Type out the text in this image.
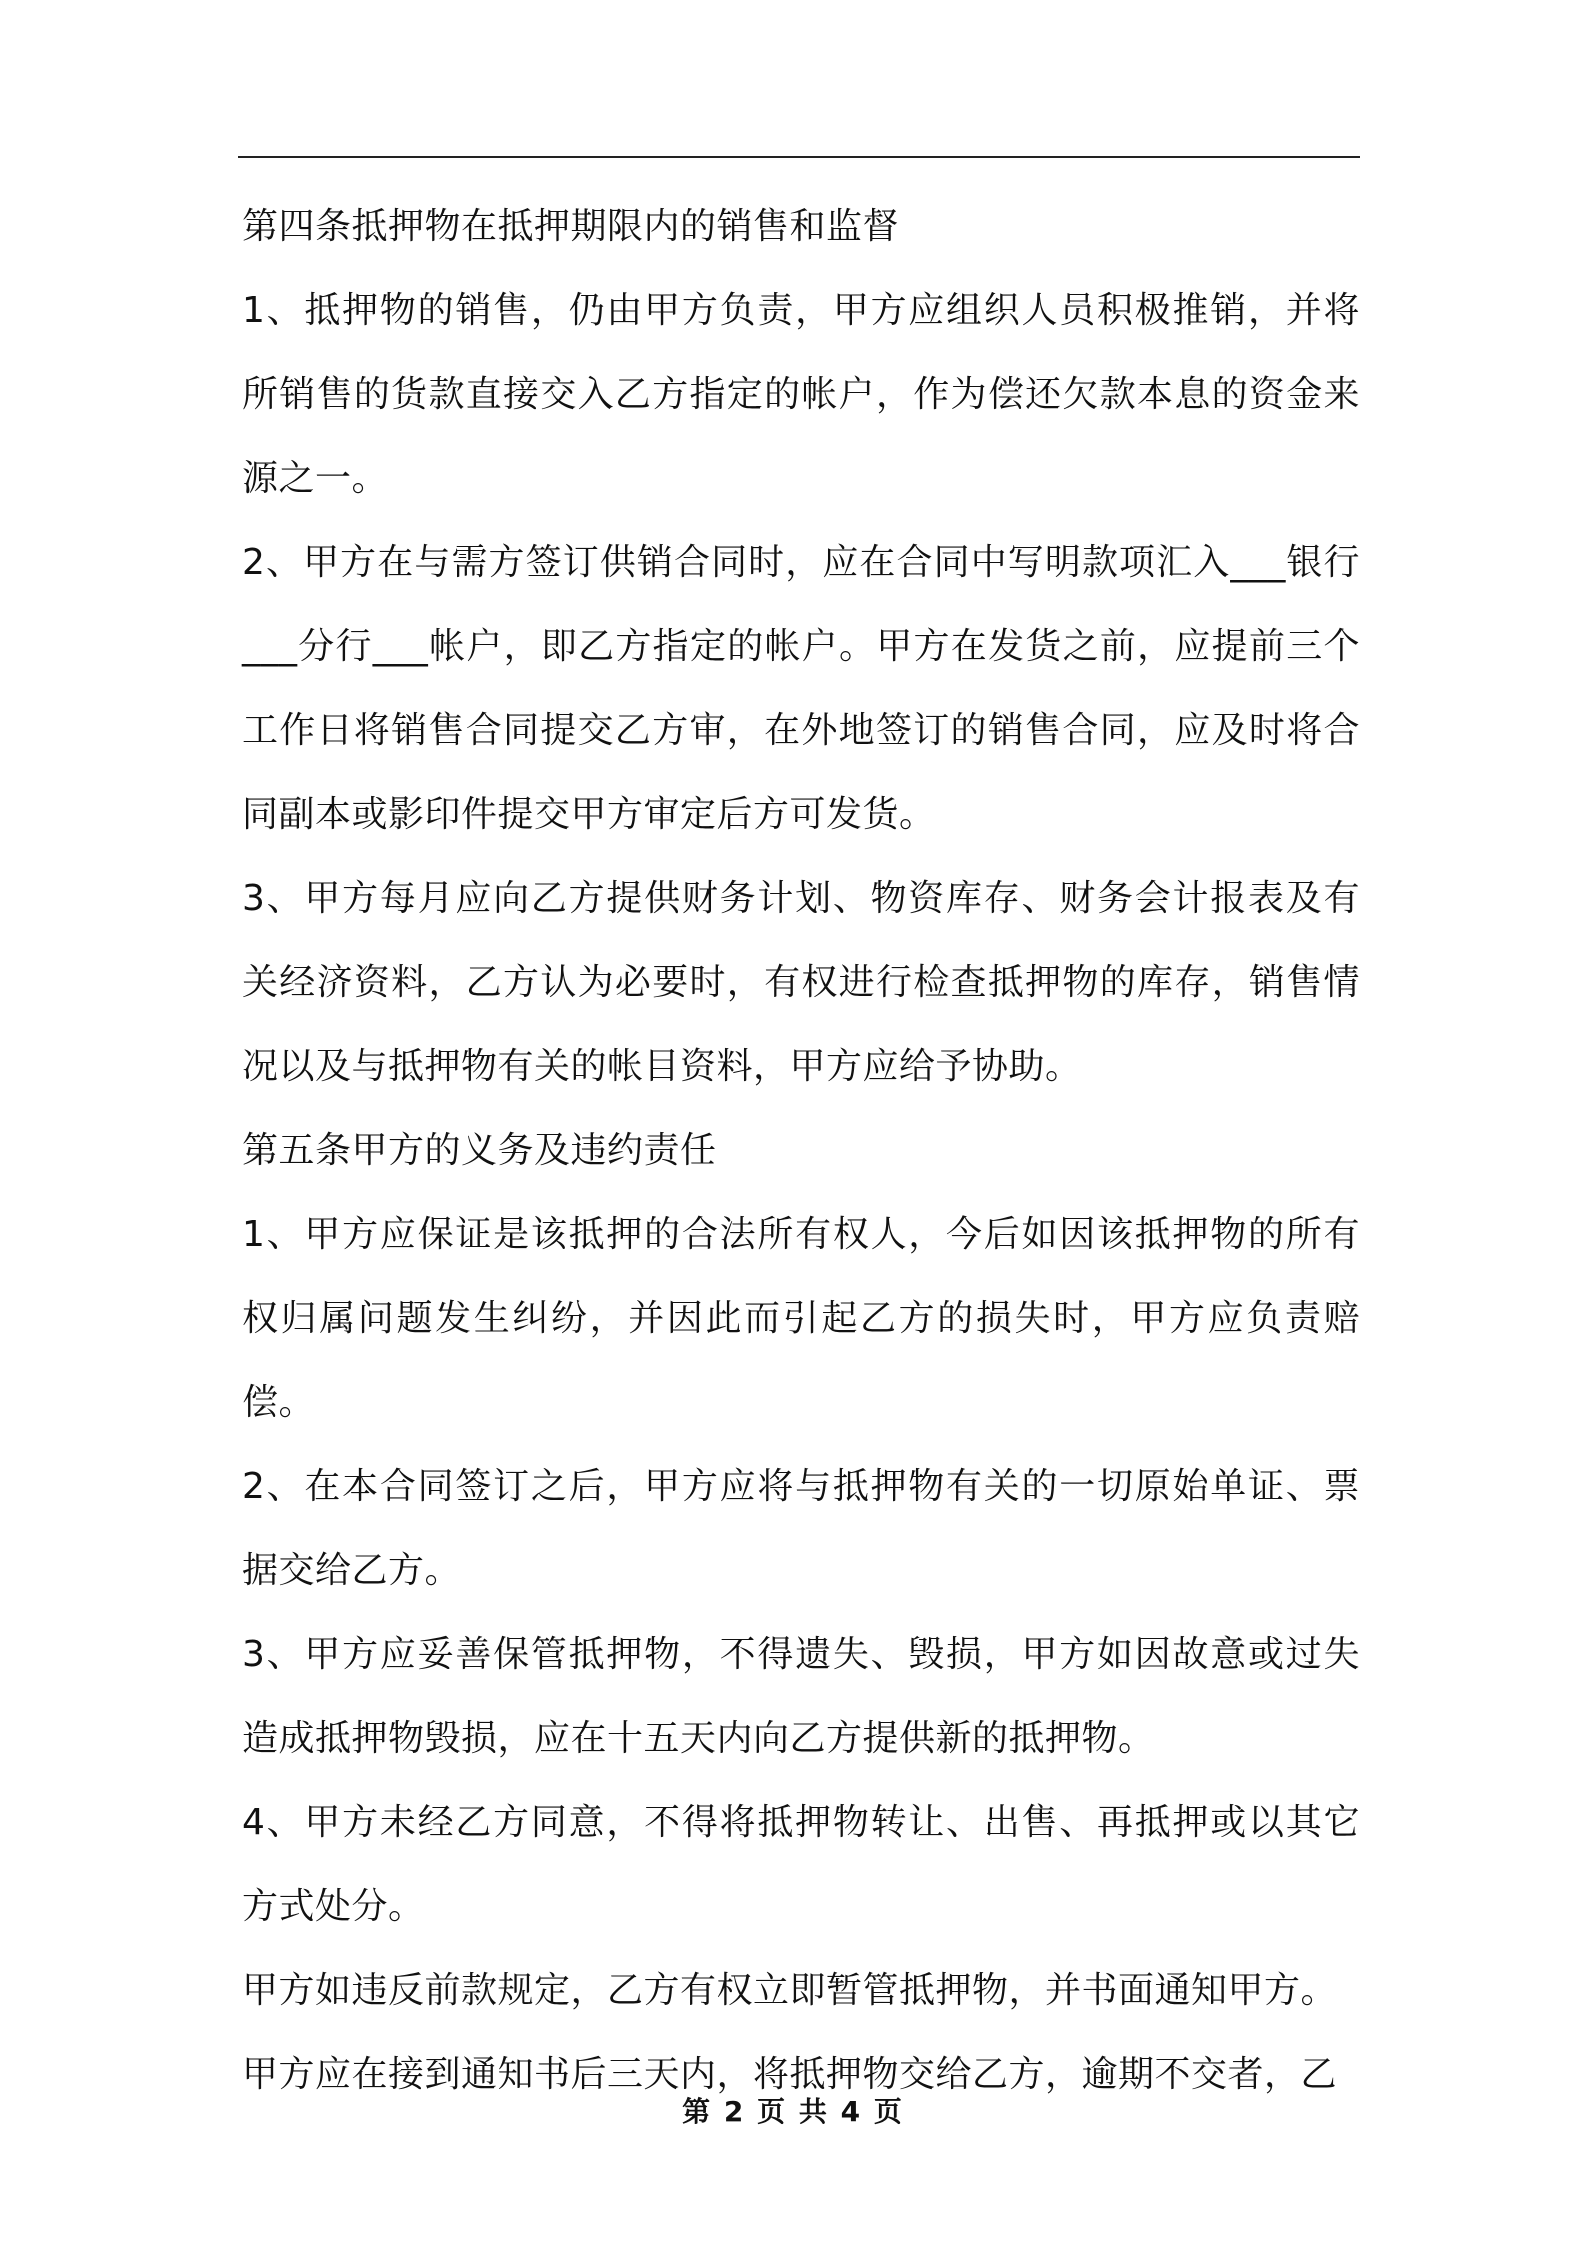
第四条抵押物在抵押期限内的销售和监督

1、抵押物的销售，仍由甲方负责，甲方应组织人员积极推销，并将所销售的货款直接交入乙方指定的帐户，作为偿还欠款本息的资金来源之一。

2、甲方在与需方签订供销合同时，应在合同中写明款项汇入___银行___分行___帐户，即乙方指定的帐户。甲方在发货之前，应提前三个工作日将销售合同提交乙方审，在外地签订的销售合同，应及时将合同副本或影印件提交甲方审定后方可发货。

3、甲方每月应向乙方提供财务计划、物资库存、财务会计报表及有关经济资料，乙方认为必要时，有权进行检查抵押物的库存，销售情况以及与抵押物有关的帐目资料，甲方应给予协助。

第五条甲方的义务及违约责任

1、甲方应保证是该抵押的合法所有权人，今后如因该抵押物的所有权归属问题发生纠纷，并因此而引起乙方的损失时，甲方应负责赔偿。

2、在本合同签订之后，甲方应将与抵押物有关的一切原始单证、票据交给乙方。

3、甲方应妥善保管抵押物，不得遗失、毁损，甲方如因故意或过失造成抵押物毁损，应在十五天内向乙方提供新的抵押物。

4、甲方未经乙方同意，不得将抵押物转让、出售、再抵押或以其它方式处分。

甲方如违反前款规定，乙方有权立即暂管抵押物，并书面通知甲方。

甲方应在接到通知书后三天内，将抵押物交给乙方，逾期不交者，乙

第 2 页 共 4 页
